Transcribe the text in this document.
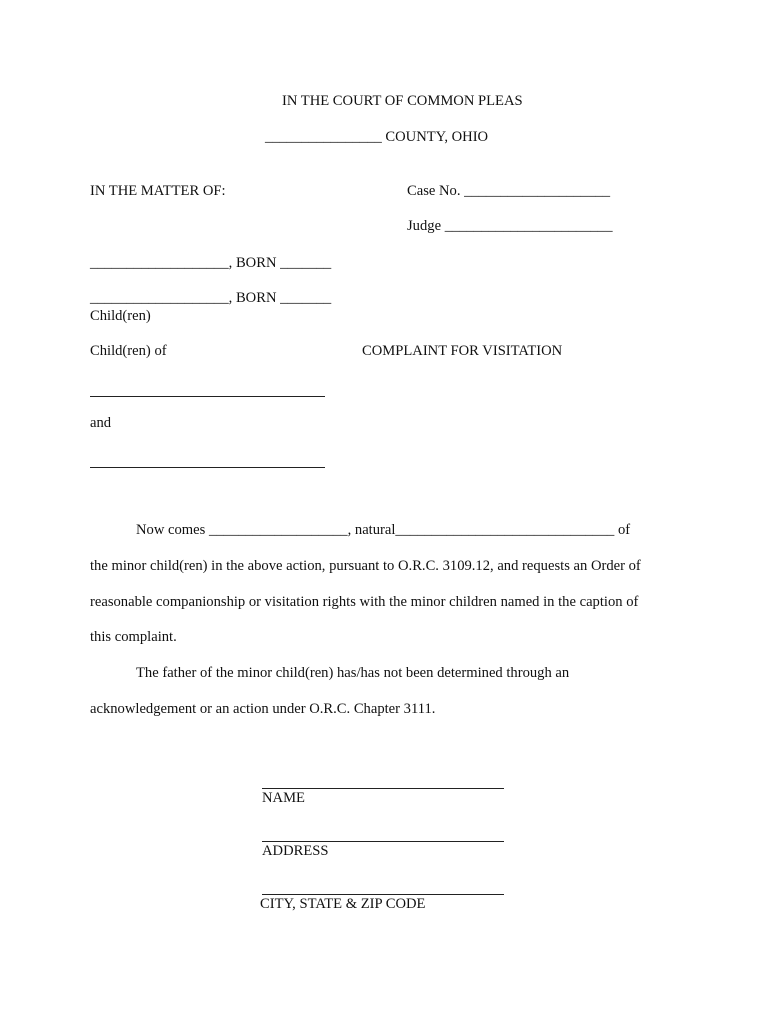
IN THE COURT OF COMMON PLEAS
________________ COUNTY, OHIO
IN THE MATTER OF:	Case No. ____________________
Judge _______________________
___________________, BORN _______
___________________, BORN _______
Child(ren)
Child(ren) of	COMPLAINT FOR VISITATION
and
Now comes ___________________, natural______________________________ of
the minor child(ren) in the above action, pursuant to O.R.C. 3109.12, and requests an Order of
reasonable companionship or visitation rights with the minor children named in the caption of
this complaint.
The father of the minor child(ren) has/has not been determined through an
acknowledgement or an action under O.R.C. Chapter 3111.
NAME
ADDRESS
CITY, STATE & ZIP CODE
